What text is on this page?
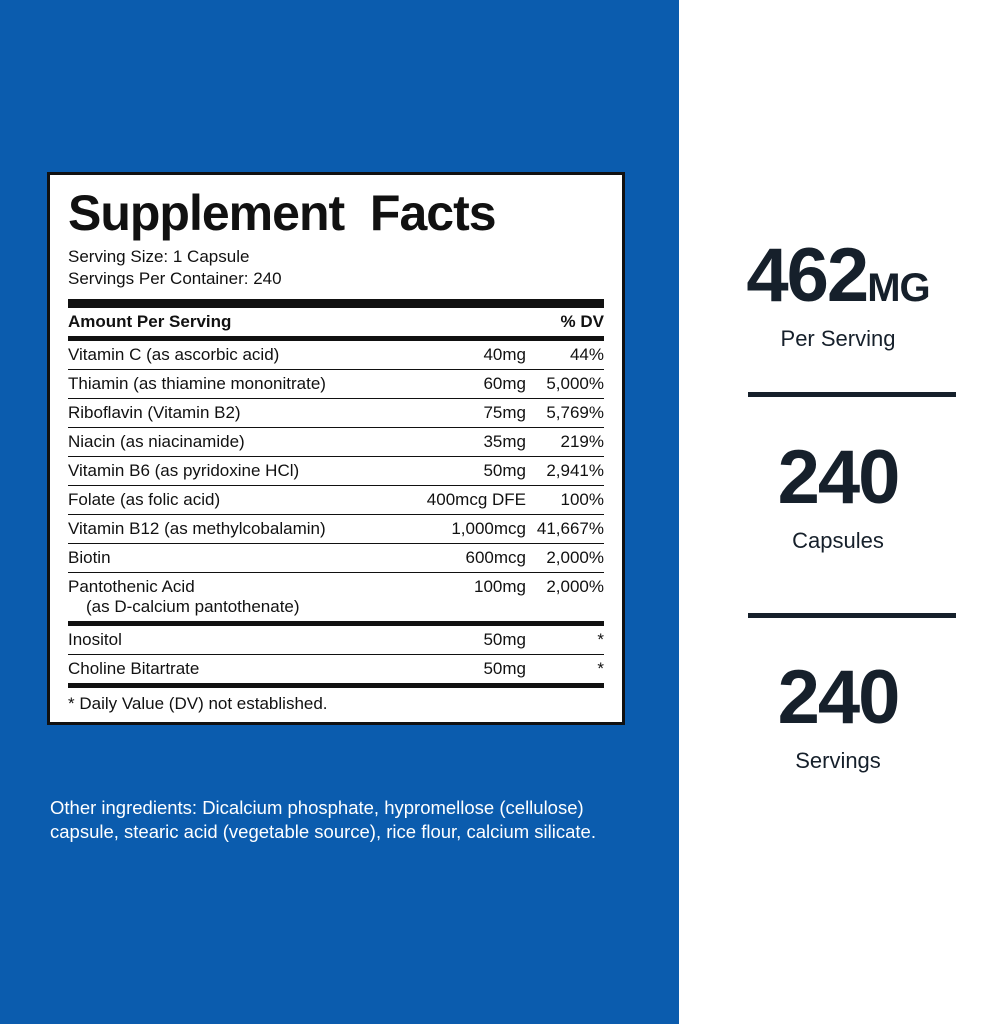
Supplement  Facts
Serving Size: 1 Capsule
Servings Per Container: 240
Amount Per Serving		% DV
Vitamin C (as ascorbic acid)	40mg	44%
Thiamin (as thiamine mononitrate)	60mg	5,000%
Riboflavin (Vitamin B2)	75mg	5,769%
Niacin (as niacinamide)	35mg	219%
Vitamin B6 (as pyridoxine HCl)	50mg	2,941%
Folate (as folic acid)	400mcg DFE	100%
Vitamin B12 (as methylcobalamin)	1,000mcg	41,667%
Biotin	600mcg	2,000%
Pantothenic Acid
(as D-calcium pantothenate)	100mg	2,000%
Inositol	50mg	*
Choline Bitartrate	50mg	*
* Daily Value (DV) not established.
Other ingredients: Dicalcium phosphate, hypromellose (cellulose) capsule, stearic acid (vegetable source), rice flour, calcium silicate.
462MG
Per Serving
240
Capsules
240
Servings
